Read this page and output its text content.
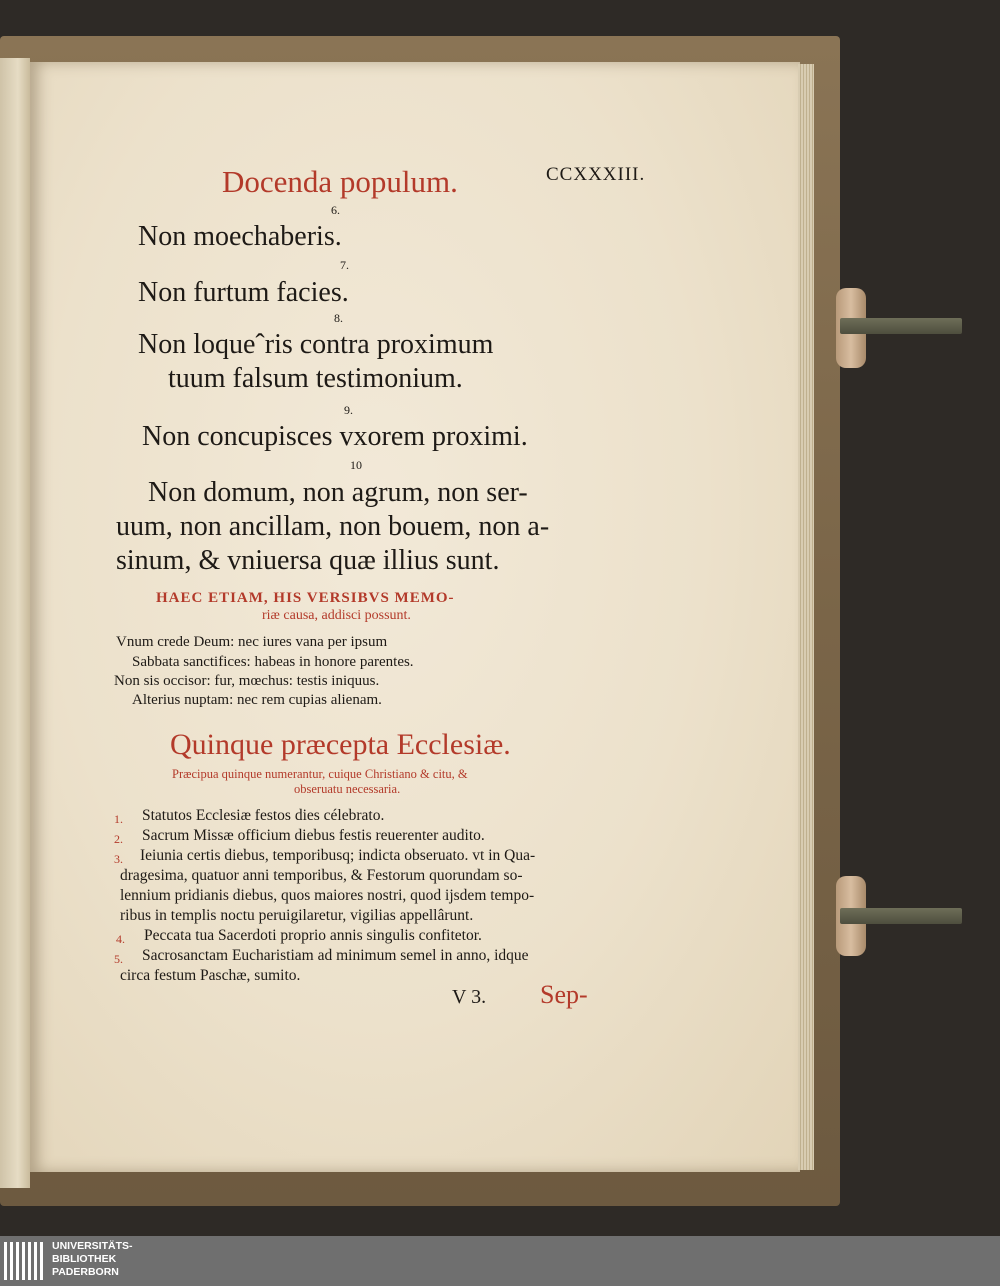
CCXXXIII.
Docenda populum.
6.
Non moechaberis.
7.
Non furtum facies.
8.
Non loqueˆris contra proximum
tuum falsum testimonium.
9.
Non concupisces vxorem proximi.
10
Non domum, non agrum, non ser-
uum, non ancillam, non bouem, non a-
sinum, & vniuersa quæ illius sunt.
HAEC ETIAM, HIS VERSIBVS MEMO-
riæ causa, addisci possunt.
Vnum crede Deum: nec iures vana per ipsum
Sabbata sanctifices: habeas in honore parentes.
Non sis occisor: fur, mœchus: testis iniquus.
Alterius nuptam: nec rem cupias alienam.
Quinque præcepta Ecclesiæ.
Præcipua quinque numerantur, cuique Christiano & citu, &
obseruatu necessaria.
1. Statutos Ecclesiæ festos dies célebrato.
2. Sacrum Missæ officium diebus festis reuerenter audito.
3. Ieiunia certis diebus, temporibusq; indicta obseruato. vt in Qua-
dragesima, quatuor anni temporibus, & Festorum quorundam so-
lennium pridianis diebus, quos maiores nostri, quod ijsdem tempo-
ribus in templis noctu peruigilaretur, vigilias appellârunt.
4. Peccata tua Sacerdoti proprio annis singulis confitetor.
5. Sacrosanctam Eucharistiam ad minimum semel in anno, idque
circa festum Paschæ, sumito.
V 3. Sep-
UNIVERSITÄTS-
BIBLIOTHEK
PADERBORN
